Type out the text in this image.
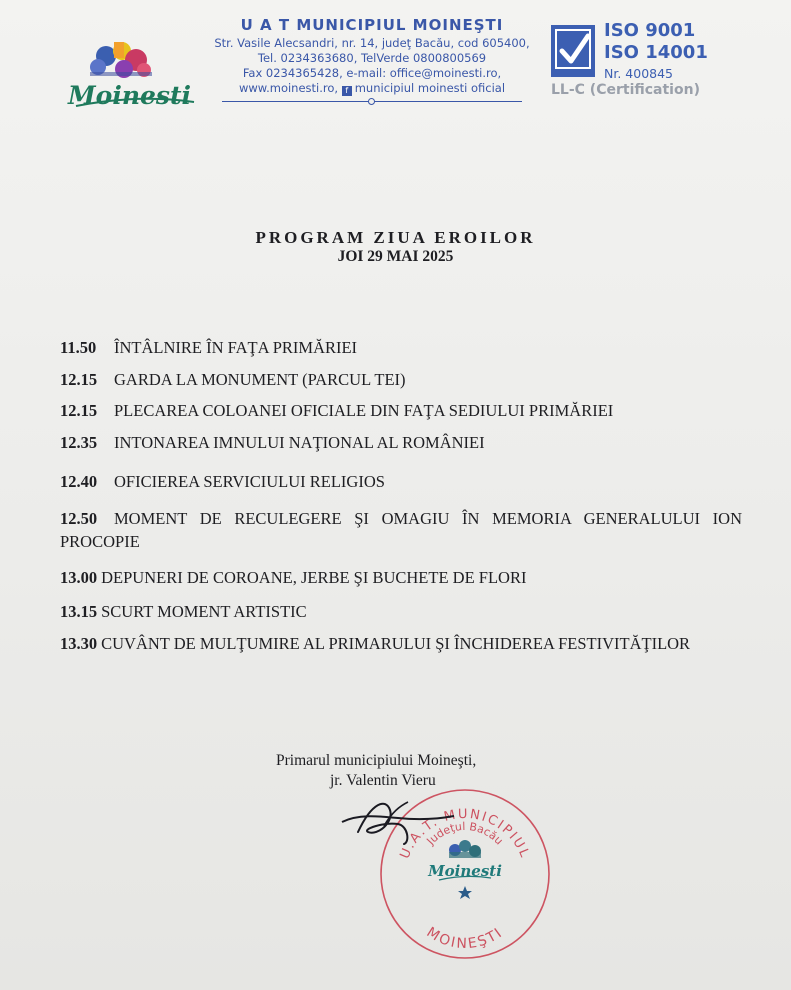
Moinesti
U A T MUNICIPIUL MOINEŞTI
Str. Vasile Alecsandri, nr. 14, judeţ Bacău, cod 605400,
Tel. 0234363680, TelVerde 0800800569
Fax 0234365428, e-mail: office@moinesti.ro,
www.moinesti.ro, f municipiul moinesti oficial
ISO 9001
ISO 14001
Nr. 400845
LL-C (Certification)
PROGRAM ZIUA EROILOR
JOI 29 MAI 2025
11.50 ÎNTÂLNIRE ÎN FAŢA PRIMĂRIEI
12.15 GARDA LA MONUMENT (PARCUL TEI)
12.15 PLECAREA COLOANEI OFICIALE DIN FAŢA SEDIULUI PRIMĂRIEI
12.35 INTONAREA IMNULUI NAŢIONAL AL ROMÂNIEI
12.40 OFICIEREA SERVICIULUI RELIGIOS
12.50 MOMENT DE RECULEGERE ŞI OMAGIU ÎN MEMORIA GENERALULUI ION PROCOPIE
13.00 DEPUNERI DE COROANE, JERBE ŞI BUCHETE DE FLORI
13.15 SCURT MOMENT ARTISTIC
13.30 CUVÂNT DE MULŢUMIRE AL PRIMARULUI ŞI ÎNCHIDEREA FESTIVITĂŢILOR
Primarul municipiului Moineşti,
jr. Valentin Vieru
U.A.T. MUNICIPIUL
Judeţul Bacău
MOINEŞTI
Moinesti
